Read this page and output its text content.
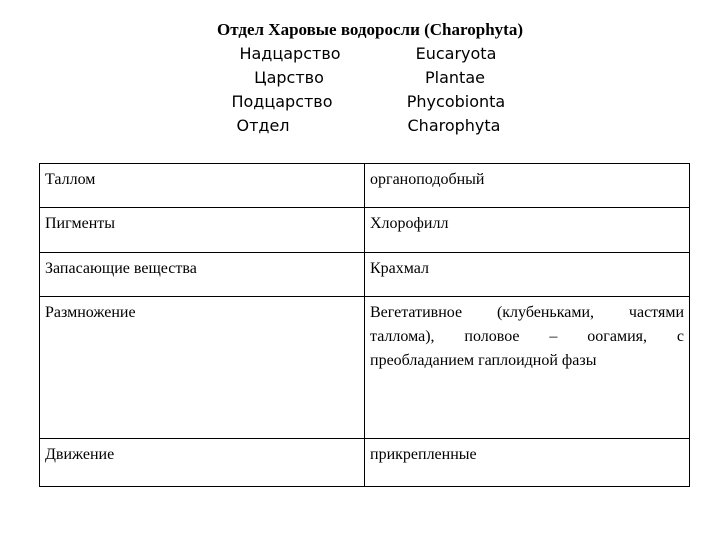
Отдел Харовые водоросли (Charophyta)
Надцарство	Eucaryota
Царство	Plantae
Подцарство	Phycobionta
Отдел	Charophyta
Таллом	органоподобный
Пигменты	Хлорофилл
Запасающие вещества	Крахмал
Размножение	Вегетативное (клубеньками, частями таллома), половое – оогамия, с преобладанием гаплоидной фазы
Движение	прикрепленные
